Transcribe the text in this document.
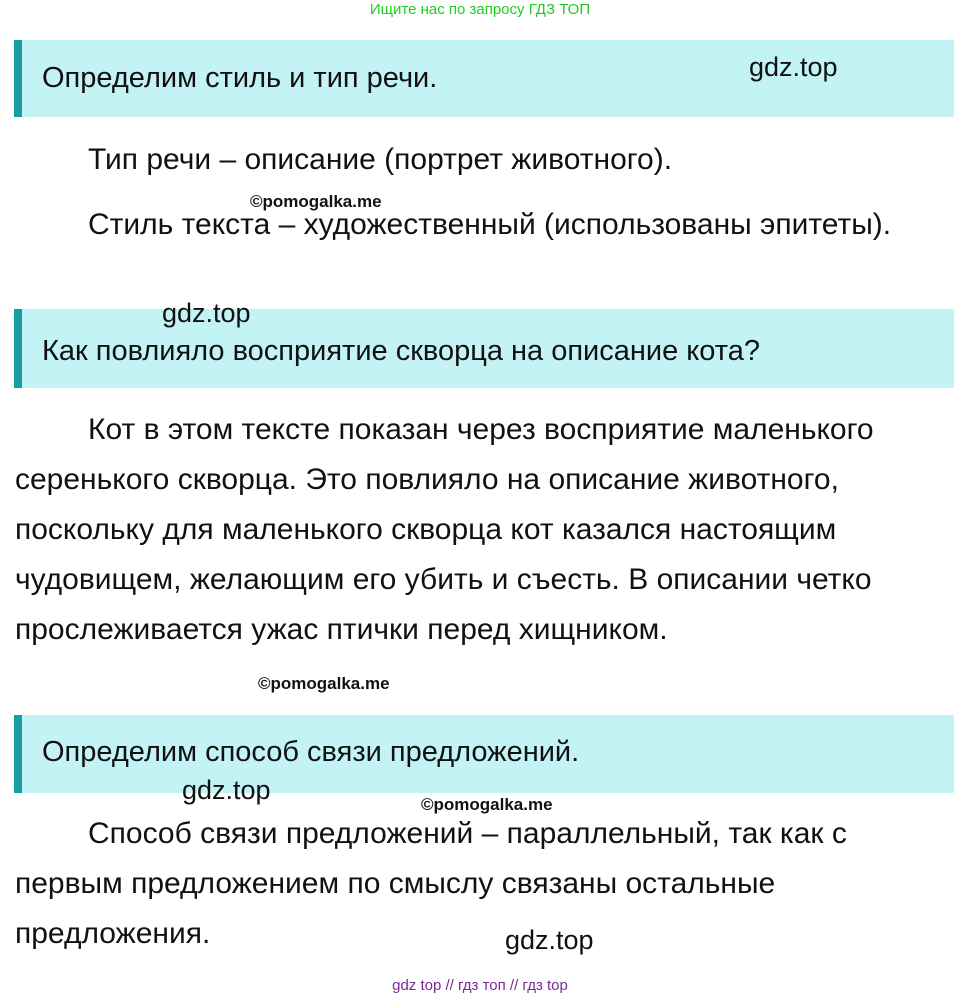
Ищите нас по запросу ГДЗ ТОП
Определим стиль и тип речи.

Тип речи – описание (портрет животного).

Стиль текста – художественный (использованы эпитеты).

Как повлияло восприятие скворца на описание кота?

Кот в этом тексте показан через восприятие маленького серенького скворца. Это повлияло на описание животного, поскольку для маленького скворца кот казался настоящим чудовищем, желающим его убить и съесть. В описании четко прослеживается ужас птички перед хищником.

Определим способ связи предложений.

Способ связи предложений – параллельный, так как с первым предложением по смыслу связаны остальные предложения.

gdz.top
©pomogalka.me
gdz.top
©pomogalka.me
gdz.top	©pomogalka.me
gdz.top
gdz top // гдз топ // гдз top
